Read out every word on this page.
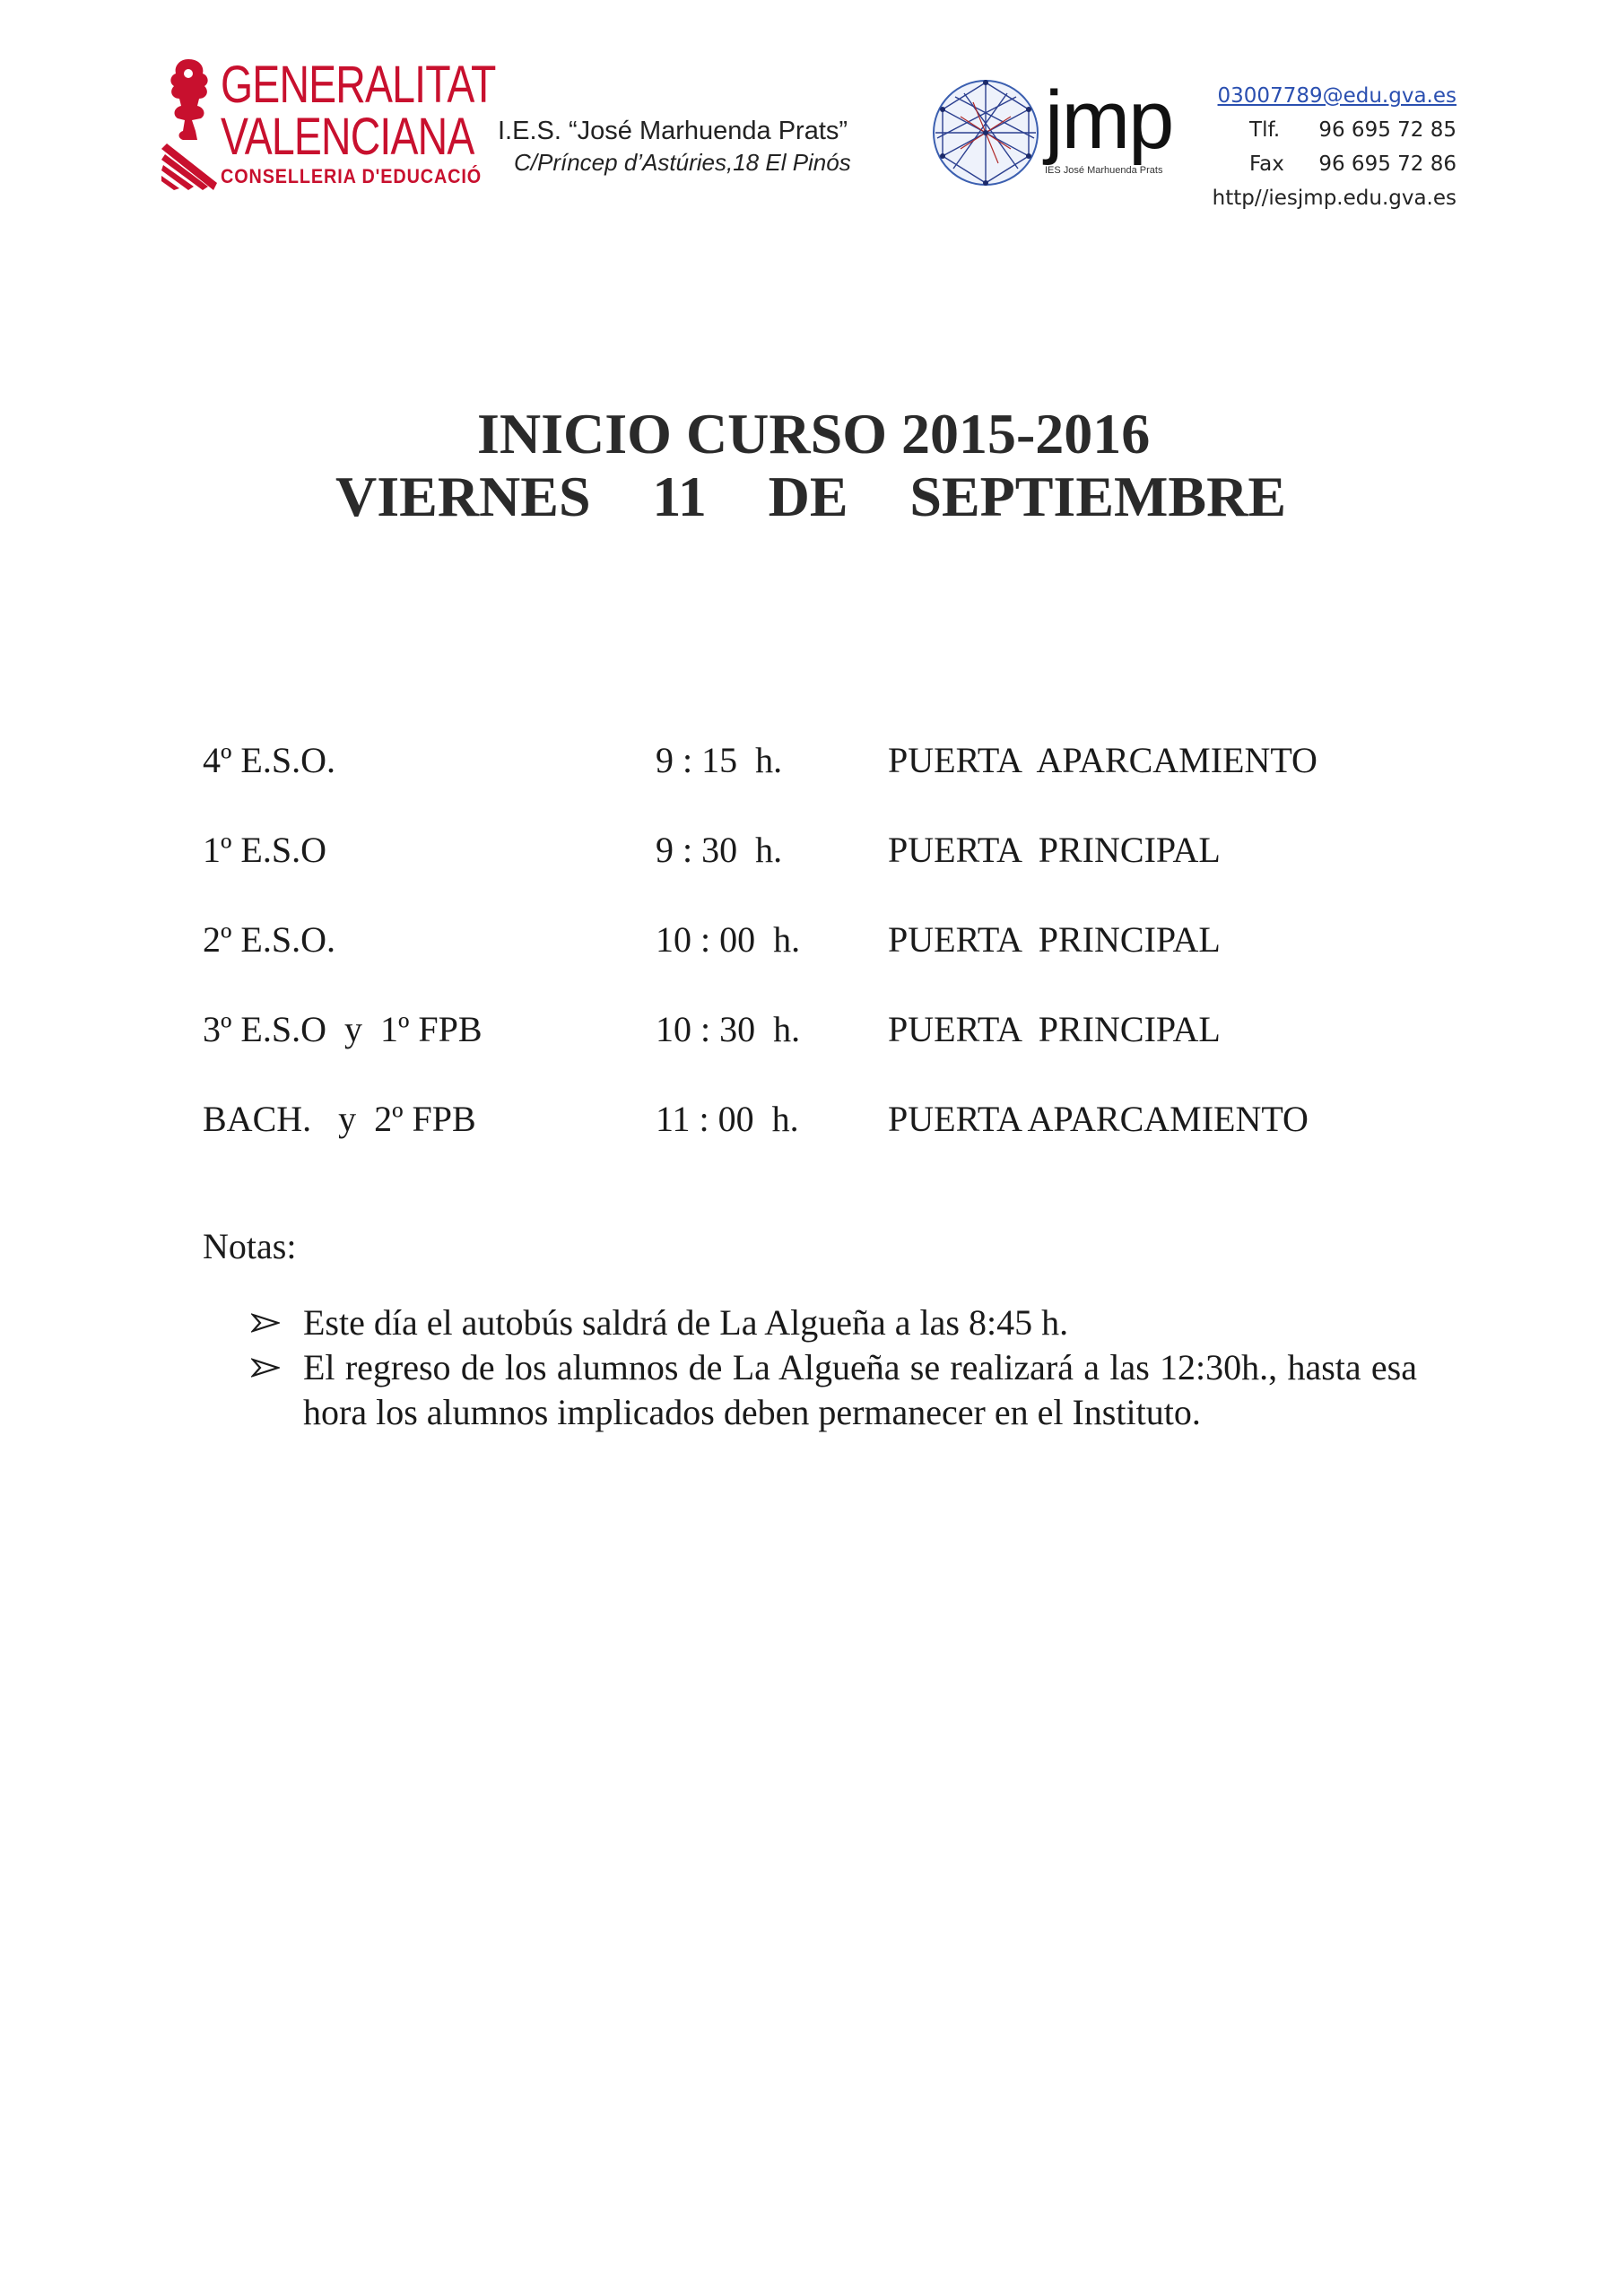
GENERALITAT
VALENCIANA
CONSELLERIA D'EDUCACIÓ
I.E.S. “José Marhuenda Prats”
C/Príncep d’Astúries,18 El Pinós jmp
IES José Marhuenda Prats
03007789@edu.gva.es
Tlf. 96 695 72 85
Fax 96 695 72 86
http//iesjmp.edu.gva.es
INICIO CURSO 2015-2016
VIERNES 11 DE SEPTIEMBRE
4º E.S.O.	9 : 15  h.	PUERTA  APARCAMIENTO
1º E.S.O	9 : 30  h.	PUERTA  PRINCIPAL
2º E.S.O.	10 : 00  h. PUERTA  PRINCIPAL
3º E.S.O  y  1º FPB	10 : 30  h. PUERTA  PRINCIPAL
BACH.   y  2º FPB	11 : 00  h. PUERTA APARCAMIENTO
Notas:
Este día el autobús saldrá de La Algueña a las 8:45 h.
El regreso de los alumnos de La Algueña se realizará a las 12:30h., hasta esa hora los alumnos implicados deben permanecer en el Instituto.
